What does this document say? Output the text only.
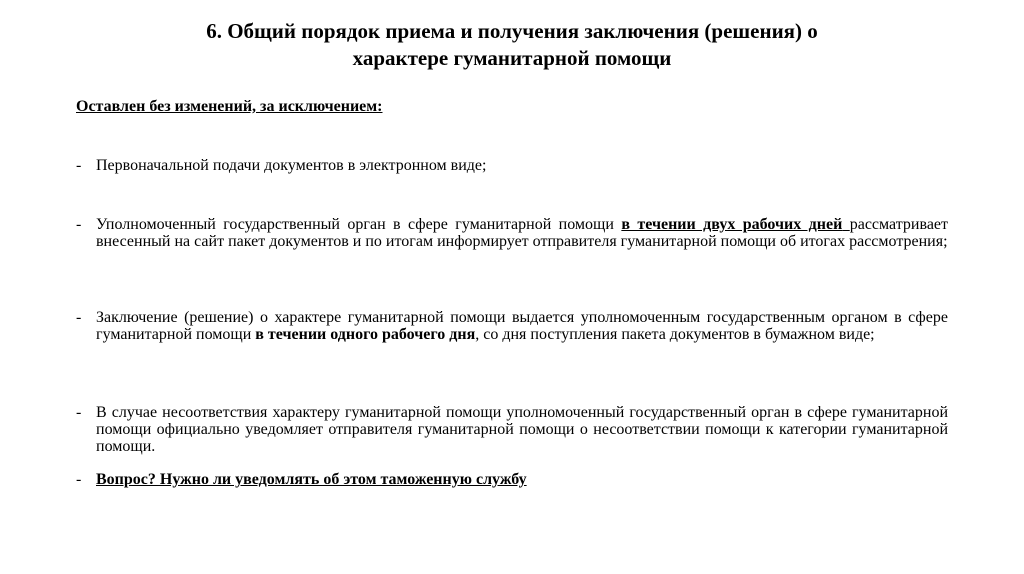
6. Общий порядок приема и получения заключения (решения) о
характере гуманитарной помощи
Оставлен без изменений, за исключением:
- Первоначальной подачи документов в электронном виде;
- Уполномоченный государственный орган в сфере гуманитарной помощи в течении двух рабочих дней рассматривает внесенный на сайт пакет документов и по итогам информирует отправителя гуманитарной помощи об итогах рассмотрения;
- Заключение (решение) о характере гуманитарной помощи выдается уполномоченным государственным органом в сфере гуманитарной помощи в течении одного рабочего дня, со дня поступления пакета документов в бумажном виде;
- В случае несоответствия характеру гуманитарной помощи уполномоченный государственный орган в сфере гуманитарной помощи официально уведомляет отправителя гуманитарной помощи о несоответствии помощи к категории гуманитарной помощи.
- Вопрос? Нужно ли уведомлять об этом таможенную службу
